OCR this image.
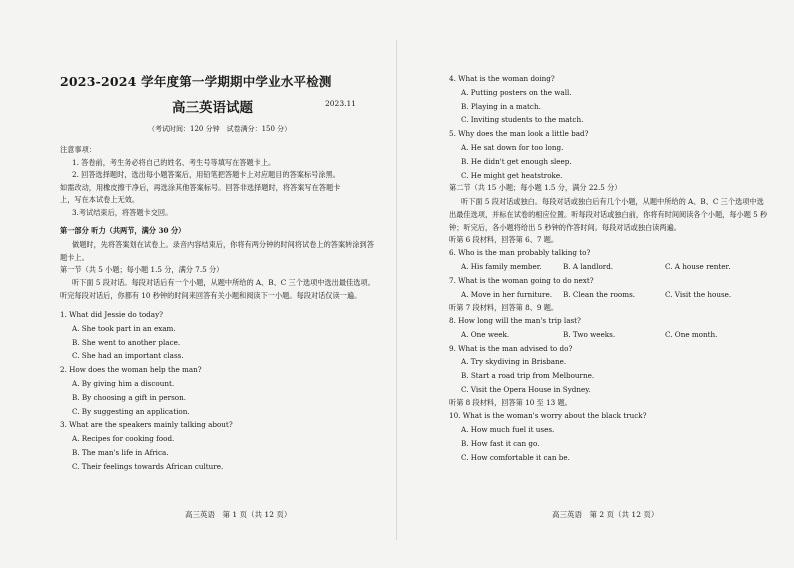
2023-2024 学年度第一学期期中学业水平检测
高三英语试题	2023.11
（考试时间：120 分钟　试卷满分：150 分）
注意事项：
1. 答卷前，考生务必将自己的姓名、考生号等填写在答题卡上。
2. 回答选择题时，选出每小题答案后，用铅笔把答题卡上对应题目的答案标号涂黑。
如需改动，用橡皮擦干净后，再选涂其他答案标号。回答非选择题时，将答案写在答题卡
上，写在本试卷上无效。
3.考试结束后，将答题卡交回。
第一部分 听力（共两节，满分 30 分）
做题时，先将答案划在试卷上。录音内容结束后，你将有两分钟的时间将试卷上的答案转涂到答题卡上。
第一节（共 5 小题；每小题 1.5 分，满分 7.5 分）
听下面 5 段对话。每段对话后有一个小题，从题中所给的 A、B、C 三个选项中选出最佳选项。听完每段对话后，你都有 10 秒钟的时间来回答有关小题和阅读下一小题。每段对话仅读一遍。
1. What did Jessie do today?
A. She took part in an exam.
B. She went to another place.
C. She had an important class.
2. How does the woman help the man?
A. By giving him a discount.
B. By choosing a gift in person.
C. By suggesting an application.
3. What are the speakers mainly talking about?
A. Recipes for cooking food.
B. The man's life in Africa.
C. Their feelings towards African culture.
4. What is the woman doing?
A. Putting posters on the wall.
B. Playing in a match.
C. Inviting students to the match.
5. Why does the man look a little bad?
A. He sat down for too long.
B. He didn't get enough sleep.
C. He might get heatstroke.
第二节（共 15 小题；每小题 1.5 分，满分 22.5 分）
听下面 5 段对话或独白。每段对话或独白后有几个小题，从题中所给的 A、B、C 三个选项中选出最佳选项，并标在试卷的相应位置。听每段对话或独白前，你将有时间阅读各个小题，每小题 5 秒钟；听完后，各小题将给出 5 秒钟的作答时间。每段对话或独白读两遍。
听第 6 段材料，回答第 6、7 题。
6. Who is the man probably talking to?
A. His family member.	B. A landlord.	C. A house renter.
7. What is the woman going to do next?
A. Move in her furniture.	B. Clean the rooms.	C. Visit the house.
听第 7 段材料，回答第 8、9 题。
8. How long will the man's trip last?
A. One week.	B. Two weeks.	C. One month.
9. What is the man advised to do?
A. Try skydiving in Brisbane.
B. Start a road trip from Melbourne.
C. Visit the Opera House in Sydney.
听第 8 段材料，回答第 10 至 13 题。
10. What is the woman's worry about the black truck?
A. How much fuel it uses.
B. How fast it can go.
C. How comfortable it can be.
高三英语　第 1 页（共 12 页）	高三英语　第 2 页（共 12 页）
